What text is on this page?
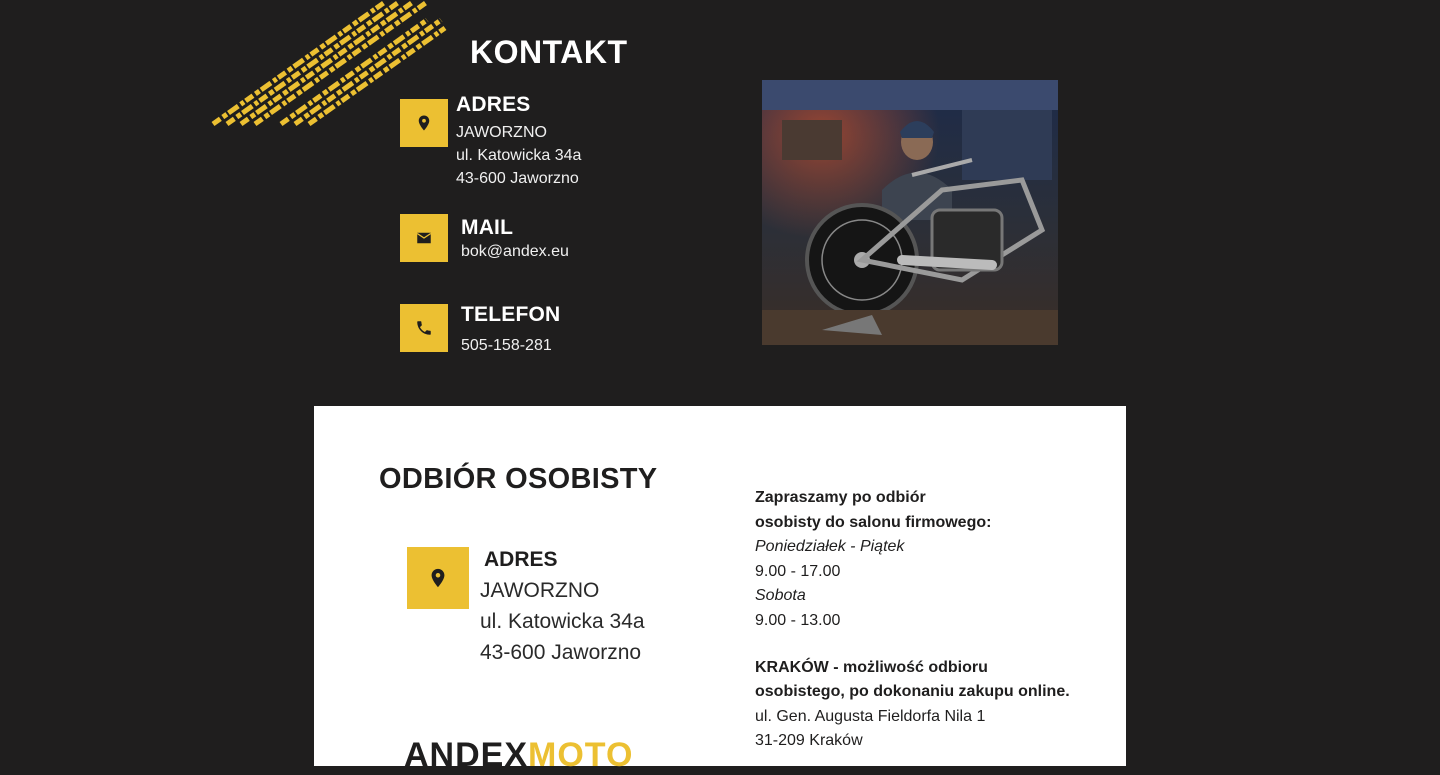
KONTAKT
ADRES
JAWORZNO
ul. Katowicka 34a
43-600 Jaworzno
MAIL
bok@andex.eu
TELEFON
505-158-281
ODBIÓR OSOBISTY
ADRES
JAWORZNO
ul. Katowicka 34a
43-600 Jaworzno
ANDEXMOTO
Zapraszamy po odbiór
osobisty do salonu firmowego:
Poniedziałek - Piątek
9.00 - 17.00
Sobota
9.00 - 13.00
KRAKÓW - możliwość odbioru
osobistego, po dokonaniu zakupu online.
ul. Gen. Augusta Fieldorfa Nila 1
31-209 Kraków
